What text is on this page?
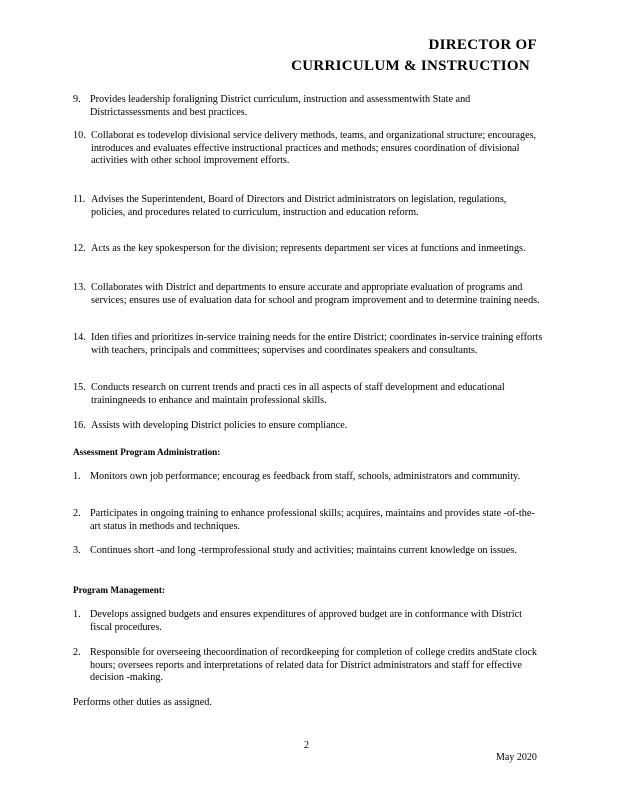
DIRECTOR OF
CURRICULUM & INSTRUCTION
9. Provides leadership foraligning District curriculum, instruction and assessmentwith State and Districtassessments and best practices.
10. Collaborat es todevelop divisional service delivery methods, teams, and organizational structure; encourages, introduces and evaluates effective instructional practices and methods; ensures coordination of divisional activities with other school improvement efforts.
11. Advises the Superintendent, Board of Directors and District administrators on legislation, regulations, policies, and procedures related to curriculum, instruction and education reform.
12. Acts as the key spokesperson for the division; represents department ser vices at functions and inmeetings.
13. Collaborates with District and departments to ensure accurate and appropriate evaluation of programs and services; ensures use of evaluation data for school and program improvement and to determine training needs.
14. Iden tifies and prioritizes in-service training needs for the entire District; coordinates in-service training efforts with teachers, principals and committees; supervises and coordinates speakers and consultants.
15. Conducts research on current trends and practi ces in all aspects of staff development and educational trainingneeds to enhance and maintain professional skills.
16. Assists with developing District policies to ensure compliance.
Assessment Program Administration:
1. Monitors own job performance; encourag es feedback from staff, schools, administrators and community.
2. Participates in ongoing training to enhance professional skills; acquires, maintains and provides state -of-the-art status in methods and techniques.
3. Continues short -and long -termprofessional study and activities; maintains current knowledge on issues.
Program Management:
1. Develops assigned budgets and ensures expenditures of approved budget are in conformance with District fiscal procedures.
2. Responsible for overseeing thecoordination of recordkeeping for completion of college credits andState clock hours; oversees reports and interpretations of related data for District administrators and staff for effective decision -making.
Performs other duties as assigned.
2
May 2020
